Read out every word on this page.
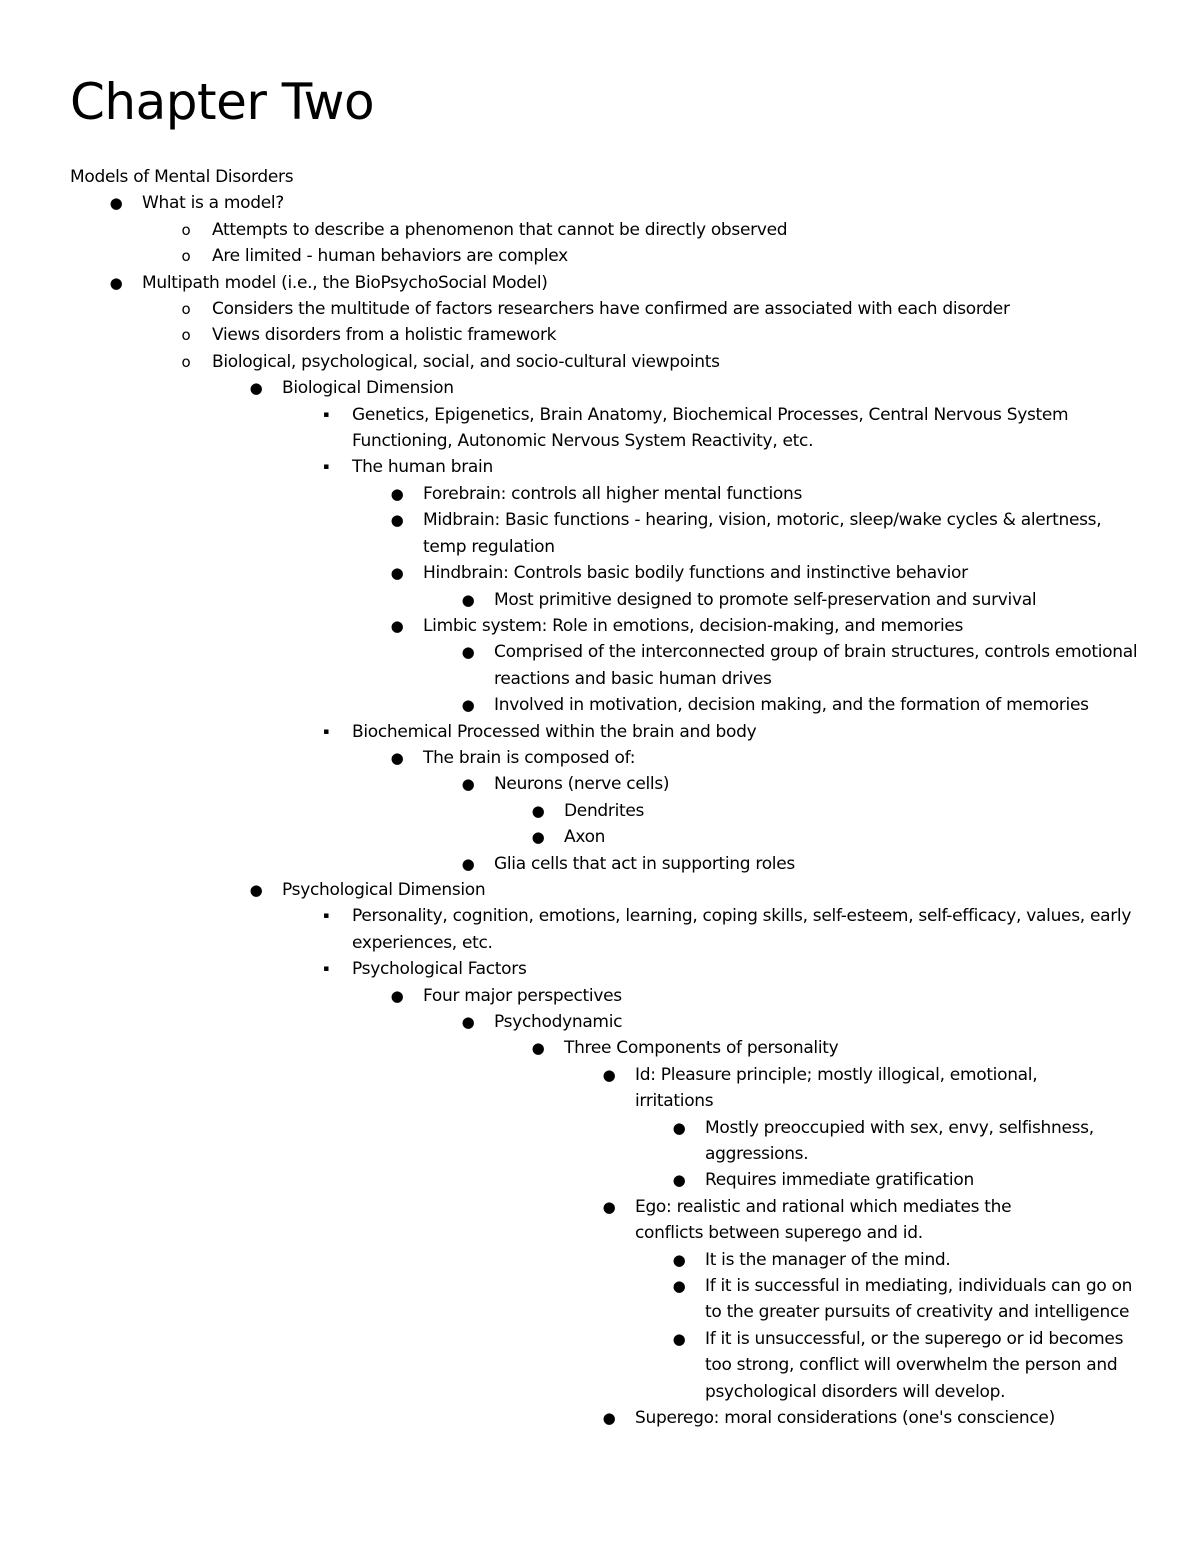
Chapter Two
Models of Mental Disorders
● What is a model?
o	Attempts to describe a phenomenon that cannot be directly observed
o	Are limited - human behaviors are complex
● Multipath model (i.e., the BioPsychoSocial Model)
o	Considers the multitude of factors researchers have confirmed are associated with each disorder
o	Views disorders from a holistic framework
o	Biological, psychological, social, and socio-cultural viewpoints
● Biological Dimension
▪	Genetics, Epigenetics, Brain Anatomy, Biochemical Processes, Central Nervous System Functioning, Autonomic Nervous System Reactivity, etc.
▪	The human brain
● Forebrain: controls all higher mental functions
● Midbrain: Basic functions - hearing, vision, motoric, sleep/wake cycles & alertness, temp regulation
● Hindbrain: Controls basic bodily functions and instinctive behavior
● Most primitive designed to promote self-preservation and survival
● Limbic system: Role in emotions, decision-making, and memories
● Comprised of the interconnected group of brain structures, controls emotional reactions and basic human drives
● Involved in motivation, decision making, and the formation of memories
▪	Biochemical Processed within the brain and body
● The brain is composed of:
● Neurons (nerve cells)
● Dendrites
● Axon
● Glia cells that act in supporting roles
● Psychological Dimension
▪	Personality, cognition, emotions, learning, coping skills, self-esteem, self-efficacy, values, early experiences, etc.
▪	Psychological Factors
● Four major perspectives
● Psychodynamic
● Three Components of personality
● Id: Pleasure principle; mostly illogical, emotional, irritations
● Mostly preoccupied with sex, envy, selfishness, aggressions.
● Requires immediate gratification
● Ego: realistic and rational which mediates the conflicts between superego and id.
● It is the manager of the mind.
● If it is successful in mediating, individuals can go on to the greater pursuits of creativity and intelligence
● If it is unsuccessful, or the superego or id becomes too strong, conflict will overwhelm the person and psychological disorders will develop.
● Superego: moral considerations (one's conscience)
